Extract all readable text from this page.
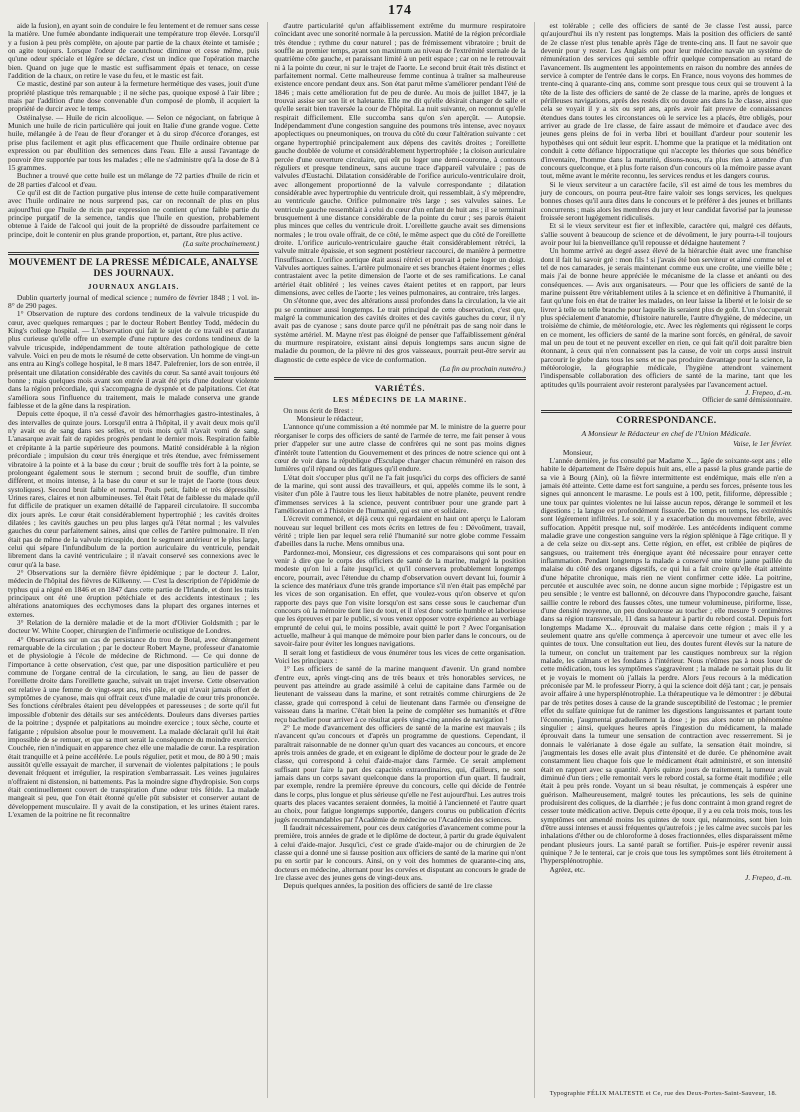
174

aide la fusion), en ayant soin de conduire le feu lentement et de remuer sans cesse la matière. Une fumée abondante indiquerait une température trop élevée. Lorsqu'il y a fusion à peu près complète, on ajoute par partie de la chaux éteinte et tamisée ; on agite toujours. Lorsque l'odeur de caoutchouc diminue et cesse même, puis qu'une odeur spéciale et légère se déclare, c'est un indice que l'opération marche bien. Quand on juge que le mastic est suffisamment épais et tenace, on cesse l'addition de la chaux, on retire le vase du feu, et le mastic est fait.

Ce mastic, destiné par son auteur à la fermeture hermétique des vases, jouit d'une propriété plastique très remarquable ; il ne sèche pas, quoique exposé à l'air libre ; mais par l'addition d'une dose convenable d'un composé de plomb, il acquiert la propriété de durcir avec le temps.

Ostéinalyse. — Huile de ricin alcoolique. — Selon ce négociant, on fabrique à Munich une huile de ricin particulière qui jouit en Italie d'une grande vogue. Cette huile, mélangée à de l'eau de fleur d'oranger et à du sirop d'écorce d'oranges, est prise plus facilement et agit plus efficacement que l'huile ordinaire obtenue par expression ou par ébullition des semences dans l'eau. Elle a aussi l'avantage de pouvoir être supportée par tous les malades ; elle ne s'administre qu'à la dose de 8 à 15 grammes.

Buchner a trouvé que cette huile est un mélange de 72 parties d'huile de ricin et de 28 parties d'alcool et d'eau.

Ce qu'il est dit de l'action purgative plus intense de cette huile comparativement avec l'huile ordinaire ne nous surprend pas, car on reconnaît de plus en plus aujourd'hui que l'huile de ricin par expression ne contient qu'une faible partie du principe purgatif de la semence, tandis que l'huile en question, probablement obtenue à l'aide de l'alcool qui jouit de la propriété de dissoudre parfaitement ce principe, doit le contenir en plus grande proportion, et, partant, être plus active.

(La suite prochainement.)
MOUVEMENT DE LA PRESSE MÉDICALE, ANALYSE DES JOURNAUX.
JOURNAUX ANGLAIS.

Dublin quarterly journal of medical science ; numéro de février 1848 ; 1 vol. in-8° de 290 pages.

1° Observation de rupture des cordons tendineux de la valvule tricuspide du cœur, avec quelques remarques ; par le docteur Robert Bentley Todd, médecin du King's college hospital. — L'observation qui fait le sujet de ce travail est d'autant plus curieuse qu'elle offre un exemple d'une rupture des cordons tendineux de la valvule tricuspide, indépendamment de toute altération pathologique de cette valvule. Voici en peu de mots le résumé de cette observation. Un homme de vingt-un ans entra au King's college hospital, le 8 mars 1847. Palefrenier, lors de son entrée, il présentait une dilatation considérable des cavités du cœur. Sa santé avait toujours été bonne ; mais quelques mois avant son entrée il avait été pris d'une douleur violente dans la région précordiale, qui s'accompagna de dyspnée et de palpitations. Cet état s'améliora sous l'influence du traitement, mais le malade conserva une grande faiblesse et de la gêne dans la respiration.

Depuis cette époque, il n'a cessé d'avoir des hémorrhagies gastro-intestinales, à des intervalles de quinze jours. Lorsqu'il entra à l'hôpital, il y avait deux mois qu'il n'y avait eu de sang dans ses selles, et trois mois qu'il n'avait vomi de sang. L'anasarque avait fait de rapides progrès pendant le dernier mois. Respiration faible et crépitante à la partie supérieure des poumons. Matité considérable à la région précordiale ; impulsion du cœur très énergique et très étendue, avec frémissement vibratoire à la pointe et à la base du cœur ; bruit de souffle très fort à la pointe, se prolongeant également sous le sternum ; second bruit de souffle, d'un timbre différent, et moins intense, à la base du cœur et sur le trajet de l'aorte (tous deux systoliques). Second bruit faible et normal. Pouls petit, faible et très dépressible. Urines rares, claires et non albumineuses. Tel était l'état de faiblesse du malade qu'il fut difficile de pratiquer un examen détaillé de l'appareil circulatoire. Il succomba dix jours après. Le cœur était considérablement hypertrophié ; les cavités droites dilatées ; les cavités gauches un peu plus larges qu'à l'état normal ; les valvules gauches du cœur parfaitement saines, ainsi que celles de l'artère pulmonaire. Il n'en était pas de même de la valvule tricuspide, dont le segment antérieur et le plus large, celui qui sépare l'infundibulum de la portion auriculaire du ventricule, pendait librement dans la cavité ventriculaire ; il n'avait conservé ses connexions avec le cœur qu'à la base.

2° Observations sur la dernière fièvre épidémique ; par le docteur J. Lalor, médecin de l'hôpital des fièvres de Kilkenny. — C'est la description de l'épidémie de typhus qui a régné en 1846 et en 1847 dans cette partie de l'Irlande, et dont les traits principaux ont été une éruption pétéchiale et des accidents intestinaux ; les altérations anatomiques des ecchymoses dans la plupart des organes internes et externes.

3° Relation de la dernière maladie et de la mort d'Olivier Goldsmith ; par le docteur W. White Cooper, chirurgien de l'infirmerie oculistique de Londres.

4° Observations sur un cas de persistance du trou de Botal, avec dérangement remarquable de la circulation ; par le docteur Robert Mayne, professeur d'anatomie et de physiologie à l'école de médecine de Richmond. — Ce qui donne de l'importance à cette observation, c'est que, par une disposition particulière et peu commune de l'organe central de la circulation, le sang, au lieu de passer de l'oreillette droite dans l'oreillette gauche, suivait un trajet inverse. Cette observation est relative à une femme de vingt-sept ans, très pâle, et qui n'avait jamais offert de symptômes de cyanose, mais qui offrait ceux d'une maladie de cœur très prononcée. Ses fonctions cérébrales étaient peu développées et paresseuses ; de sorte qu'il fut impossible d'obtenir des détails sur ses antécédents. Douleurs dans diverses parties de la poitrine ; dyspnée et palpitations au moindre exercice ; toux sèche, courte et fatigante ; répulsion absolue pour le mouvement. La malade déclarait qu'il lui était impossible de se remuer, et que sa mort serait la conséquence du moindre exercice. Couchée, rien n'indiquait en apparence chez elle une maladie de cœur. La respiration était tranquille et à peine accélérée. Le pouls régulier, petit et mou, de 80 à 90 ; mais aussitôt qu'elle essayait de marcher, il survenait de violentes palpitations ; le pouls devenait fréquent et irrégulier, la respiration s'embarrassait. Les veines jugulaires n'offraient ni distension, ni battements. Pas la moindre signe d'hydropisie. Son corps était continuellement couvert de transpiration d'une odeur très fétide. La malade mangeait si peu, que l'on était étonné qu'elle pût subsister et conserver autant de développement musculaire. Il y avait de la constipation, et les urines étaient rares. L'examen de la poitrine ne fit reconnaître

d'autre particularité qu'un affaiblissement extrême du murmure respiratoire coïncidant avec une sonorité normale à la percussion. Matité de la région précordiale très étendue ; rythme du cœur naturel ; pas de frémissement vibratoire ; bruit de souffle au premier temps, ayant son maximum au niveau de l'extrémité sternale de la quatrième côte gauche, et paraissant limité à un petit espace ; car on ne le retrouvait ni à la pointe du cœur, ni sur le trajet de l'aorte. Le second bruit était très distinct et parfaitement normal. Cette malheureuse femme continua à traîner sa malheureuse existence encore pendant deux ans. Son état parut même s'améliorer pendant l'été de 1846 ; mais cette amélioration fut de peu de durée. Au mois de juillet 1847, je la trouvai assise sur son lit et haletante. Elle me dit qu'elle désirait changer de salle et qu'elle serait bien traversée la cour de l'hôpital. La nuit suivante, on reconnut qu'elle respirait difficilement. Elle succomba sans qu'on s'en aperçût. — Autopsie. Indépendamment d'une congestion sanguine des poumons très intense, avec noyaux apoplectiques ou pneumoniques, on trouva du côté du cœur l'altération suivante : cet organe hypertrophié principalement aux dépens des cavités droites ; l'oreillette gauche doublée de volume et considérablement hypertrophiée ; la cloison auriculaire percée d'une ouverture circulaire, qui eût pu loger une demi-couronne, à contours réguliers et presque tendineux, sans aucune trace d'appareil valvulaire ; pas de valvules d'Eustachi. Dilatation considérable de l'orifice auriculo-ventriculaire droit, avec allongement proportionné de la valvule correspondante ; dilatation considérable avec hypertrophie du ventricule droit, qui ressemblait, à s'y méprendre, au ventricule gauche. Orifice pulmonaire très large ; ses valvules saines. Le ventricule gauche ressemblait à celui du cœur d'un enfant de huit ans ; il se terminait brusquement à une distance considérable de la pointe du cœur ; ses parois étaient plus minces que celles du ventricule droit. L'oreillette gauche avait ses dimensions normales ; le trou ovale offrait, de ce côté, le même aspect que du côté de l'oreillette droite. L'orifice auriculo-ventriculaire gauche était considérablement rétréci, la valvule mitrale épaissie, et son segment postérieur raccourci, de manière à permettre l'insuffisance. L'orifice aortique était aussi rétréci et pouvait à peine loger un doigt. Valvules aortiques saines. L'artère pulmonaire et ses branches étaient énormes ; elles contrastaient avec la petite dimension de l'aorte et de ses ramifications. Le canal artériel était oblitéré ; les veines caves étaient petites et en rapport, par leurs dimensions, avec celles de l'aorte ; les veines pulmonaires, au contraire, très larges.

On s'étonne que, avec des altérations aussi profondes dans la circulation, la vie ait pu se continuer aussi longtemps. Le trait principal de cette observation, c'est que, malgré la communication des cavités droites et des cavités gauches du cœur, il n'y avait pas de cyanose ; sans doute parce qu'il ne pénétrait pas de sang noir dans le système artériel. M. Mayne n'est pas éloigné de penser que l'affaiblissement général du murmure respiratoire, existant ainsi depuis longtemps sans aucun signe de maladie du poumon, de la plèvre ni des gros vaisseaux, pourrait peut-être servir au diagnostic de cette espèce de vice de conformation.

(La fin au prochain numéro.)
VARIÉTÉS.
LES MÉDECINS DE LA MARINE.

On nous écrit de Brest :

Monsieur le rédacteur,

L'annonce qu'une commission a été nommée par M. le ministre de la guerre pour réorganiser le corps des officiers de santé de l'armée de terre, me fait penser à vous prier d'appeler sur une autre classe de confrères qui ne sont pas moins dignes d'intérêt toute l'attention du Gouvernement et des princes de notre science qui ont à cœur de voir dans la république d'Esculape charger chacun rémunéré en raison des lumières qu'il répand ou des fatigues qu'il endure.

L'état doit s'occuper plus qu'il ne l'a fait jusqu'ici du corps des officiers de santé de la marine, qui sont aussi des travailleurs, et qui, appelés comme ils le sont, à visiter d'un pôle à l'autre tous les lieux habitables de notre planète, peuvent rendre d'immenses services à la science, peuvent contribuer pour une grande part à l'amélioration et à l'histoire de l'humanité, qui est une et solidaire.

L'écrevit commencé, et déjà ceux qui regardaient en haut ont aperçu le Laloram nouveau sur lequel brillent ces mots écrits en lettres de feu : Dévoûment, travail, vérité ; triple lien par lequel sera relié l'humanité sur notre globe comme l'essaim d'abeilles dans la ruche. Mens omnibus una.

Pardonnez-moi, Monsieur, ces digressions et ces comparaisons qui sont pour en venir à dire que le corps des officiers de santé de la marine, malgré la position modeste qu'on lui a faite jusqu'ici, et qu'il conservera probablement longtemps encore, pourrait, avec l'étendue du champ d'observation ouvert devant lui, fournir à la science des matériaux d'une très grande importance s'il n'en était pas empêché par les vices de son organisation. En effet, que voulez-vous qu'on observe et qu'on rapporte des pays que l'on visite lorsqu'on est sans cesse sous le cauchemar d'un concours où la mémoire tient lieu de tout, et il n'est donc sortie humble et laborieuse que les épreuves et par le public, si vous venez opposer votre expérience au verbiage emprunté de celui qui, le moins possible, avait quitté le port ? Avec l'organisation actuelle, malheur à qui manque de mémoire pour bien parler dans le concours, ou de savoir-faire pour éviter les longues navigations.

Il serait long et fastidieux de vous énumérer tous les vices de cette organisation. Voici les principaux :

1° Les officiers de santé de la marine manquent d'avenir. Un grand nombre d'entre eux, après vingt-cinq ans de très beaux et très honorables services, ne peuvent pas atteindre au grade assimilé à celui de capitaine dans l'armée ou de lieutenant de vaisseau dans la marine, et sont retraités comme chirurgiens de 2e classe, grade qui correspond à celui de lieutenant dans l'armée ou d'enseigne de vaisseau dans la marine. C'était bien la peine de compléter ses humanités et d'être reçu bachelier pour arriver à ce résultat après vingt-cinq années de navigation !

2° Le mode d'avancement des officiers de santé de la marine est mauvais ; ils n'avancent qu'au concours et d'après un programme de questions. Cependant, il paraîtrait raisonnable de ne donner qu'un quart des vacances au concours, et encore après trois années de grade, et en exigeant le diplôme de docteur pour le grade de 2e classe, qui correspond à celui d'aide-major dans l'armée. Ce serait amplement suffisant pour faire la part des capacités extraordinaires, qui, d'ailleurs, ne sont jamais dans un corps savant quelconque dans la proportion d'un quart. Il faudrait, par exemple, rendre la première épreuve du concours, celle qui décide de l'entrée dans le corps, plus longue et plus sérieuse qu'elle ne l'est aujourd'hui. Les autres trois quarts des places vacantes seraient données, la moitié à l'ancienneté et l'autre quart au choix, pour fatigue longtemps supportée, dangers courus ou publication d'écrits jugés recommandables par l'Académie de médecine ou l'Académie des sciences.

Il faudrait nécessairement, pour ces deux catégories d'avancement comme pour la première, trois années de grade et le diplôme de docteur, à partir du grade équivalent à celui d'aide-major. Jusqu'ici, c'est ce grade d'aide-major ou de chirurgien de 2e classe qui a donné une si fausse position aux officiers de santé de la marine qui n'ont pu en sortir par le concours. Ainsi, on y voit des hommes de quarante-cinq ans, docteurs en médecine, alternant pour les corvées et disputant au concours le grade de 1re classe avec des jeunes gens de vingt-deux ans.

Depuis quelques années, la position des officiers de santé de 1re classe

est tolérable ; celle des officiers de santé de 3e classe l'est aussi, parce qu'aujourd'hui ils n'y restent pas longtemps. Mais la position des officiers de santé de 2e classe n'est plus tenable après l'âge de trente-cinq ans. Il faut ne savoir que devenir pour y rester. Les Anglais ont pour leur médecine navale un système de rémunération des services qui semble offrir quelque compensation au retard de l'avancement. Ils augmentent les appointements en raison du nombre des années de service à compter de l'entrée dans le corps. En France, nous voyons des hommes de trente-cinq à quarante-cinq ans, comme sont presque tous ceux qui se trouvent à la tête de la liste des officiers de santé de 2e classe de la marine, après de longues et périlleuses navigations, après des restés dix ou douze ans dans la 3e classe, ainsi que cela se voyait il y a six ou sept ans, après avoir fait preuve de connaissances étendues dans toutes les circonstances où le service les a placés, être obligés, pour arriver au grade de 1re classe, de faire assaut de mémoire et d'audace avec des jeunes gens pleins de foi in verba libri et bouillant d'ardeur pour soutenir les hypothèses qui ont séduit leur esprit. L'homme que la pratique et la méditation ont conduit à cette défiance hippocratique qui n'accepte les théories que sous bénéfice d'inventaire, l'homme dans la maturité, disons-nous, n'a plus rien à attendre d'un concours quelconque, et à plus forte raison d'un concours où la mémoire passe avant tout, même avant le mérite reconnu, les services rendus et les dangers courus.

Si le vieux serviteur a un caractère facile, s'il est aimé de tous les membres du jury de concours, on pourra peut-être faire valoir ses longs services, les quelques bonnes choses qu'il aura dites dans le concours et le préférer à des jeunes et brillants concurrents ; mais alors les membres du jury et leur candidat favorisé par la jeunesse froissée seront lugégement ridiculisés.

Et si le vieux serviteur est fier et inflexible, caractère qui, malgré ces défauts, s'allie souvent à beaucoup de science et de dévoûment, le jury pourra-t-il toujours avoir pour lui la bienveillance qu'il repousse et dédaigne hautement ?

Un homme arrivé au degré assez élevé de la hiérarchie était avec une franchise dont il fait lui savoir gré : mon fils ! si j'avais été bon serviteur et aimé comme tel et tel de nos camarades, je serais maintenant comme eux une croûte, une vieille bête ; mais j'ai de bonne heure appréciée le mécanisme de la classe et anéanti ou des conséquences. — Avis aux organisateurs. — Pour que les officiers de santé de la marine puissent être véritablement utiles à la science et en définitive à l'humanité, il faut qu'une fois en état de traiter les malades, on leur laisse la liberté et le loisir de se livrer à telle ou telle branche pour laquelle ils seraient plus de goût. L'un s'occuperait plus spécialement d'anatomie, d'histoire naturelle, l'autre d'hygiène, de médecine, un troisième de chimie, de météorologie, etc. Avec les règlements qui régissent le corps en ce moment, les officiers de santé de la marine sont forcés, en général, de savoir mal un peu de tout et ne peuvent exceller en rien, ce qui fait qu'il doit paraître bien étonnant, à ceux qui n'en connaissent pas la cause, de voir un corps aussi instruit parcourir le globe dans tous les sens et ne pas produire davantage pour la science, la météorologie, la géographie médicale, l'hygiène attendront vainement l'indispensable collaboration des officiers de santé de la marine, tant que les aptitudes qu'ils pourraient avoir resteront paralysées par l'avancement actuel.

J. Frepeo, d.-m.
Officier de santé démissionnaire.
CORRESPONDANCE.
A Monsieur le Rédacteur en chef de l'Union Médicale.
Vaise, le 1er février.

Monsieur,

L'année dernière, je fus consulté par Madame X..., âgée de soixante-sept ans ; elle habite le département de l'Isère depuis huit ans, elle a passé la plus grande partie de sa vie à Bourg (Ain), où la fièvre intermittente est endémique, mais elle n'en a jamais été atteinte. Cette dame est fort sanguine, a perdu ses forces, présente tous les signes qui annoncent le marasme. Le pouls est à 100, petit, filiforme, dépressible ; une toux par quintes violentes ne lui laisse aucun repos, dérange le sommeil et les digestions ; la langue est profondément fissurée. De temps en temps, les extrémités sont légèrement infiltrées. Le soir, il y a exacerbation du mouvement fébrile, avec suffocation. Appétit presque nul, soif modérée. Les antécédents indiquent comme maladie grave une congestion sanguine vers la région splénique à l'âge critique. Il y a de cela seize ou dix-sept ans. Cette région, en effet, est criblée de piqûres de sangsues, ou traitement très énergique ayant été nécessaire pour enrayer cette inflammation. Pendant longtemps la malade a conservé une teinte jaune paillée du malaise du côté des organes digestifs, ce qui lui a fait croire qu'elle était atteinte d'une hépatite chronique, mais rien ne vient confirmer cette idée. La poitrine, percutée et auscultée avec soin, ne donne aucun signe morbide ; l'épigastre est un peu sensible ; le ventre est ballonné, on découvre dans l'hypocondre gauche, faisant saillie contre le rebord des fausses côtes, une tumeur volumineuse, piriforme, lisse, d'une densité moyenne, un peu douloureuse au toucher ; elle mesure 9 centimètres dans sa région transversale, 11 dans sa hauteur à partir du rebord costal. Depuis fort longtemps Madame X... éprouvait du malaise dans cette région ; mais il y a seulement quatre ans qu'elle commença à apercevoir une tumeur et avec elle les quintes de toux. Une consultation eut lieu, des doutes furent élevés sur la nature de la tumeur, on conclut un traitement par les caustiques nombreux sur la région malade, les calmans et les fondans à l'intérieur. Nous n'eûmes pas à nous louer de cette médication, tous les symptômes s'aggravèrent ; la malade ne sortait plus du lit et je voyais le moment où j'allais la perdre. Alors j'eus recours à la médication préconisée par M. le professeur Piorry, à qui la science doit déjà tant ; car, je pensais avoir affaire à une hypersplénotrophie. La thérapeutique va le démontrer : je débutai par de très petites doses à cause de la grande susceptibilité de l'estomac ; le premier effet du sulfate quinique fut de ranimer les digestions languissantes et partant toute l'économie, j'augmentai graduellement la dose ; je pus alors noter un phénomène singulier ; ainsi, quelques heures après l'ingestion du médicament, la malade éprouvait dans la tumeur une sensation de contraction avec resserrement. Si je donnais le valérianate à dose égale au sulfate, la sensation était moindre, si j'augmentais les doses elle avait plus d'intensité et de durée. Ce phénomène avait constamment lieu chaque fois que le médicament était administré, et son intensité était en rapport avec sa quantité. Après quinze jours de traitement, la tumeur avait diminué d'un tiers ; elle remontait vers le rebord costal, sa forme était modifiée ; elle était à peu près ronde. Voyant un si beau résultat, je commençais à espérer une guérison. Malheureusement, malgré toutes les précautions, les sels de quinine produisirent des coliques, de la diarrhée ; je fus donc contraint à mon grand regret de cesser toute médication active. Depuis cette époque, il y a eu cela trois mois, tous les symptômes ont amendé moins les quintes de toux qui, néanmoins, sont bien loin d'être aussi intenses et aussi fréquentes qu'autrefois ; je les calme avec succès par les inhalations d'éther ou de chloroforme à doses fractionnées, elles disparaissent même pendant plusieurs jours. La santé paraît se fortifier. Puis-je espérer revenir aussi quinique ? Je le tenterai, car je crois que tous les symptômes sont liés étroitement à l'hypersplénotrophie.

Agréez, etc.

J. Frepeo, d.-m.
Typographie FÉLIX MALTESTE et Ce, rue des Deux-Portes-Saint-Sauveur, 18.
